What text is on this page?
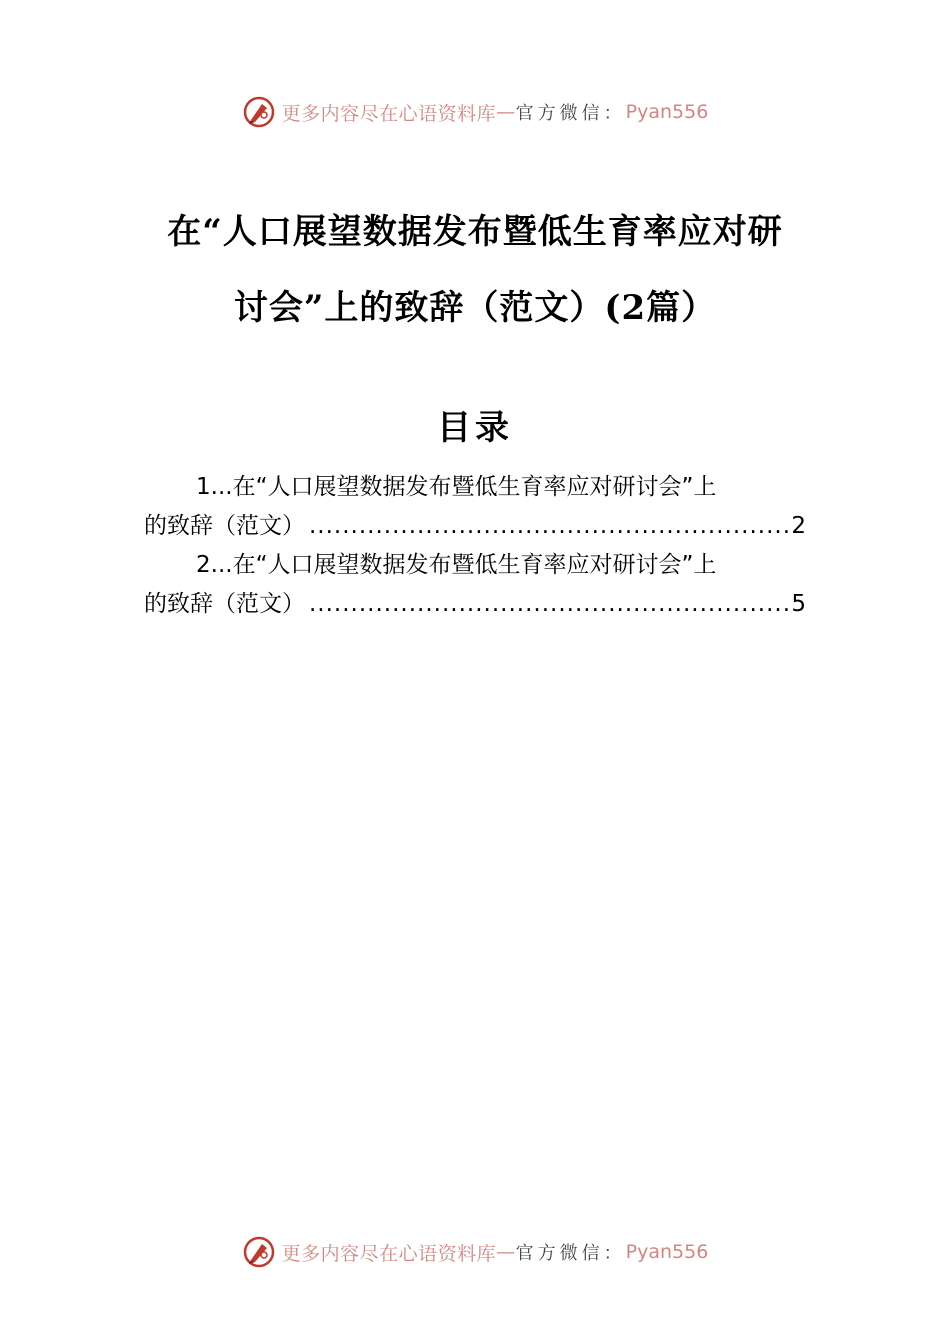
更多内容尽在心语资料库 — 官方微信： Pyan556
在“人口展望数据发布暨低生育率应对研
讨会”上的致辞（范文）(2篇）
目录
1...在“人口展望数据发布暨低生育率应对研讨会”上
的致辞（范文） .....	2
2...在“人口展望数据发布暨低生育率应对研讨会”上
的致辞（范文） .....	5
更多内容尽在心语资料库 — 官方微信： Pyan556
